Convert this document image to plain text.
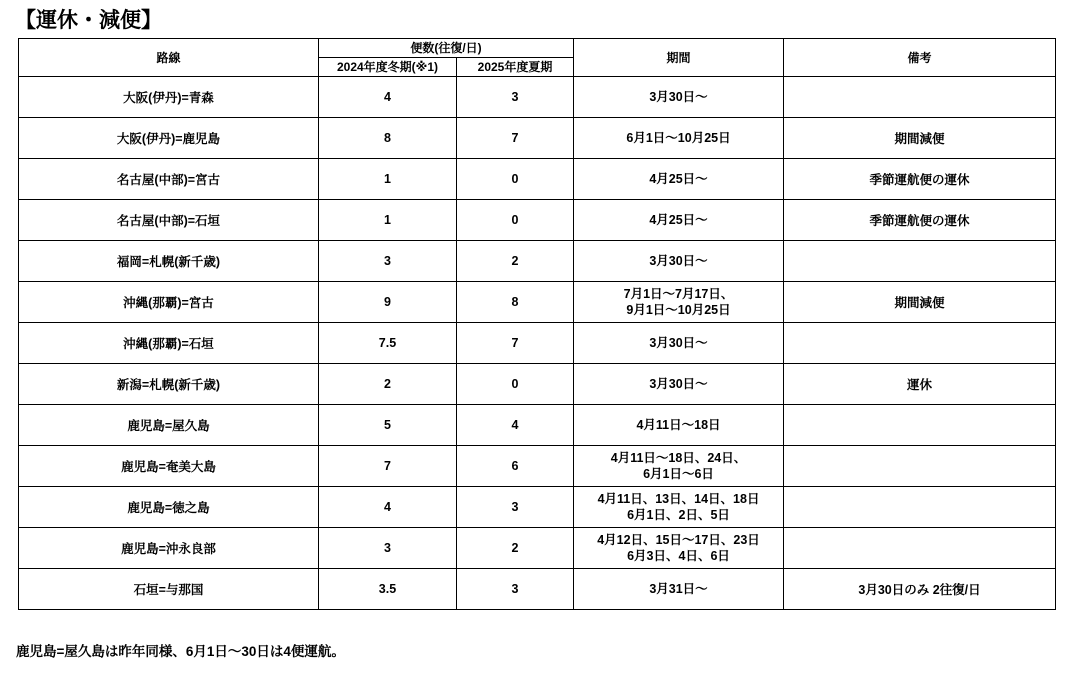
【運休・減便】
路線	便数(往復/日)		期間	備考
	2024年度冬期(※1)	2025年度夏期		
大阪(伊丹)=青森	4	3	3月30日～	

大阪(伊丹)=鹿児島	8	7	6月1日～10月25日	期間減便
名古屋(中部)=宮古	1	0	4月25日～	季節運航便の運休
名古屋(中部)=石垣	1	0	4月25日～	季節運航便の運休
福岡=札幌(新千歳)	3	2	3月30日～	

沖縄(那覇)=宮古	9	8	7月1日～7月17日、
9月1日～10月25日	期間減便
沖縄(那覇)=石垣	7.5	7	3月30日～	

新潟=札幌(新千歳)	2	0	3月30日～	運休
鹿児島=屋久島	5	4	4月11日～18日	

鹿児島=奄美大島	7	6	4月11日～18日、24日、
6月1日～6日	

鹿児島=徳之島	4	3	4月11日、13日、14日、18日
6月1日、2日、5日	

鹿児島=沖永良部	3	2	4月12日、15日～17日、23日
6月3日、4日、6日	

石垣=与那国	3.5	3	3月31日～	3月30日のみ 2往復/日
鹿児島=屋久島は昨年同様、6月1日～30日は4便運航。
